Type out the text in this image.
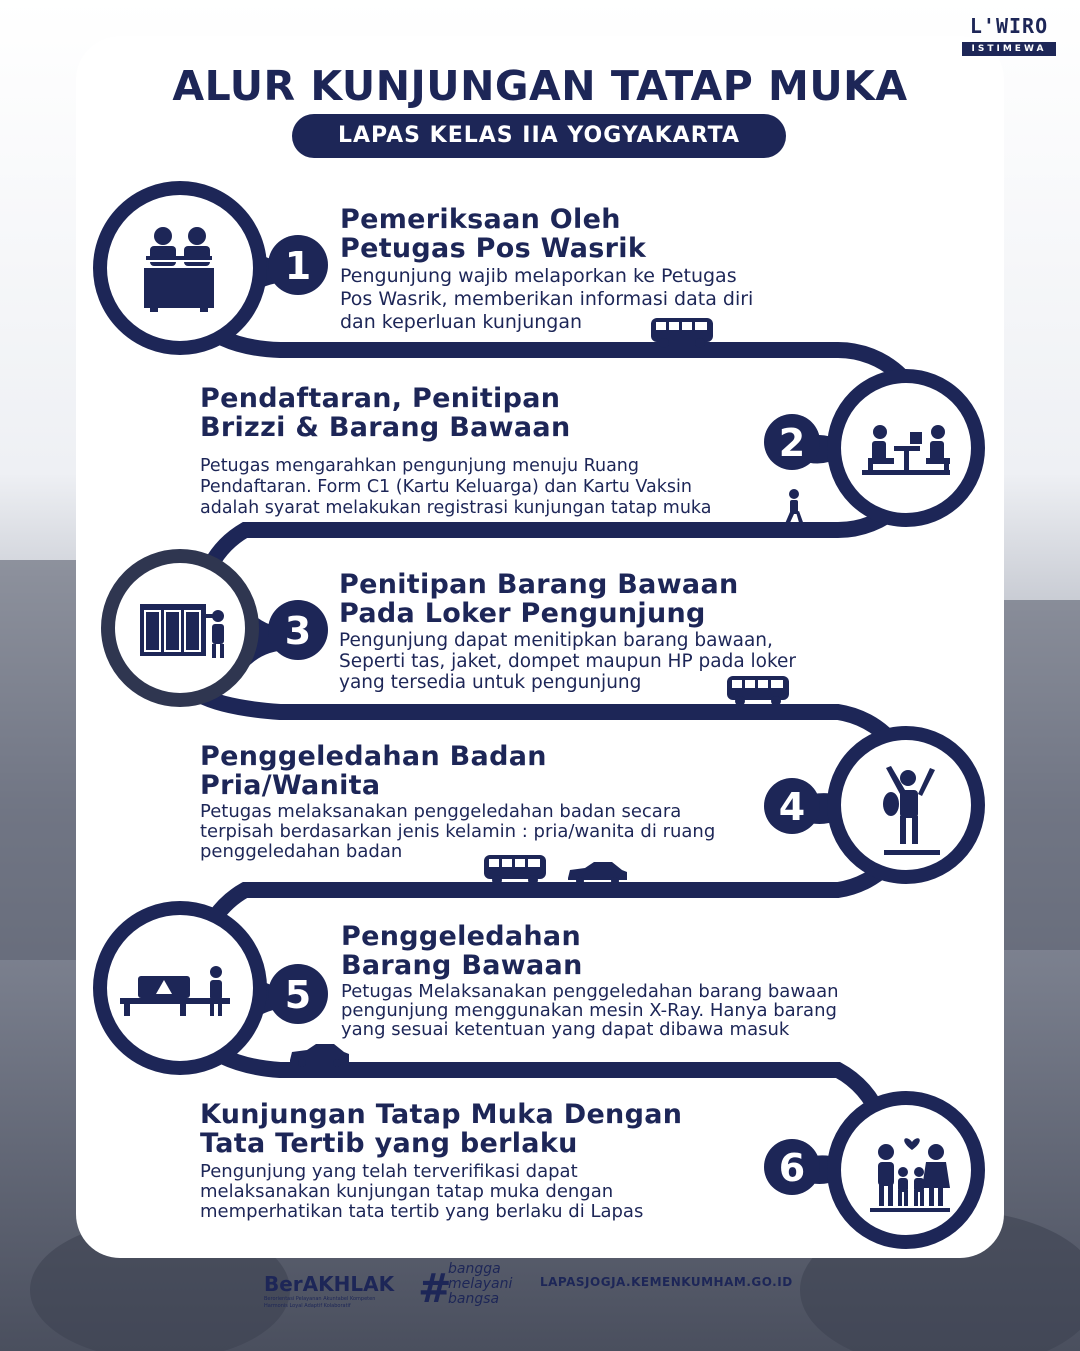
L'WIRO
ISTIMEWA
ALUR KUNJUNGAN TATAP MUKA
LAPAS KELAS IIA YOGYAKARTA
1
2
3
4
5
6
Pemeriksaan Oleh
Petugas Pos Wasrik

Pengunjung wajib melaporkan ke Petugas
Pos Wasrik, memberikan informasi data diri
dan keperluan kunjungan

Pendaftaran, Penitipan
Brizzi & Barang Bawaan

Petugas mengarahkan pengunjung menuju Ruang
Pendaftaran. Form C1 (Kartu Keluarga) dan Kartu Vaksin
adalah syarat melakukan registrasi kunjungan tatap muka

Penitipan Barang Bawaan
Pada Loker Pengunjung

Pengunjung dapat menitipkan barang bawaan,
Seperti tas, jaket, dompet maupun HP pada loker
yang tersedia untuk pengunjung

Penggeledahan Badan
Pria/Wanita

Petugas melaksanakan penggeledahan badan secara
terpisah berdasarkan jenis kelamin : pria/wanita di ruang
penggeledahan badan

Penggeledahan
Barang Bawaan

Petugas Melaksanakan penggeledahan barang bawaan
pengunjung menggunakan mesin X-Ray. Hanya barang
yang sesuai ketentuan yang dapat dibawa masuk

Kunjungan Tatap Muka Dengan
Tata Tertib yang berlaku

Pengunjung yang telah terverifikasi dapat
melaksanakan kunjungan tatap muka dengan
memperhatikan tata tertib yang berlaku di Lapas

BerAKHLAK
Berorientasi Pelayanan Akuntabel Kompeten
Harmonis Loyal Adaptif Kolaboratif	#
bangga
melayani
bangsa
LAPASJOGJA.KEMENKUMHAM.GO.ID
